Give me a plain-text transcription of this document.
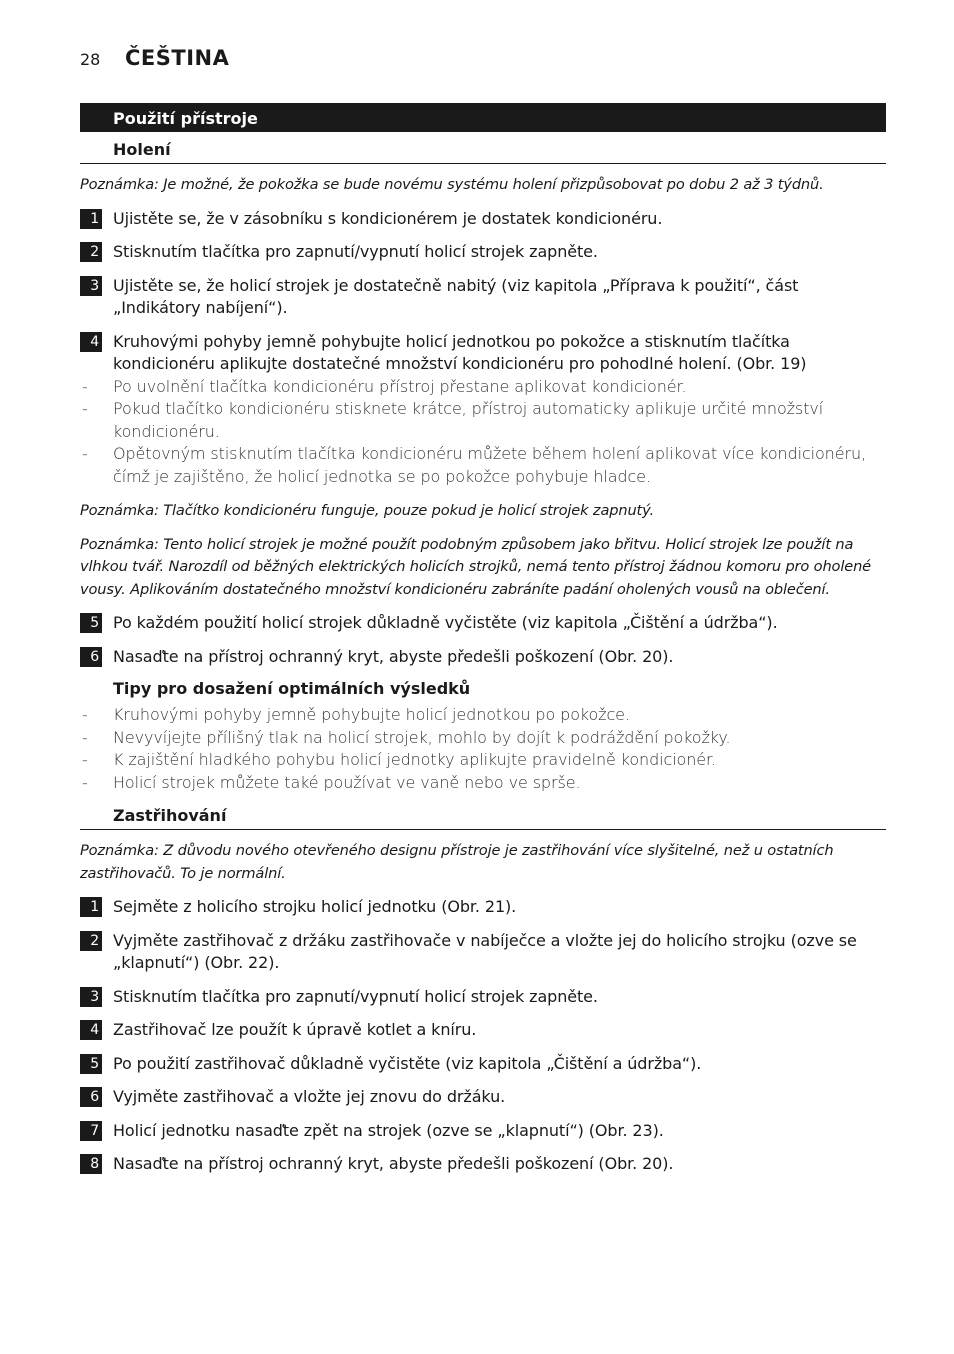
28 ČEŠTINA
Použití přístroje
Holení
Poznámka: Je možné, že pokožka se bude novému systému holení přizpůsobovat po dobu 2 až 3 týdnů.
1 Ujistěte se, že v zásobníku s kondicionérem je dostatek kondicionéru.
2 Stisknutím tlačítka pro zapnutí/vypnutí holicí strojek zapněte.
3 Ujistěte se, že holicí strojek je dostatečně nabitý (viz kapitola „Příprava k použití“, část „Indikátory nabíjení“).
4 Kruhovými pohyby jemně pohybujte holicí jednotkou po pokožce a stisknutím tlačítka kondicionéru aplikujte dostatečné množství kondicionéru pro pohodlné holení. (Obr. 19)
- Po uvolnění tlačítka kondicionéru přístroj přestane aplikovat kondicionér.
- Pokud tlačítko kondicionéru stisknete krátce, přístroj automaticky aplikuje určité množství kondicionéru.
- Opětovným stisknutím tlačítka kondicionéru můžete během holení aplikovat více kondicionéru, čímž je zajištěno, že holicí jednotka se po pokožce pohybuje hladce.
Poznámka: Tlačítko kondicionéru funguje, pouze pokud je holicí strojek zapnutý.
Poznámka: Tento holicí strojek je možné použít podobným způsobem jako břitvu. Holicí strojek lze použít na vlhkou tvář. Narozdíl od běžných elektrických holicích strojků, nemá tento přístroj žádnou komoru pro oholené vousy. Aplikováním dostatečného množství kondicionéru zabráníte padání oholených vousů na oblečení.
5 Po každém použití holicí strojek důkladně vyčistěte (viz kapitola „Čištění a údržba“).
6 Nasaďte na přístroj ochranný kryt, abyste předešli poškození (Obr. 20).
Tipy pro dosažení optimálních výsledků
- Kruhovými pohyby jemně pohybujte holicí jednotkou po pokožce.
- Nevyvíjejte přílišný tlak na holicí strojek, mohlo by dojít k podráždění pokožky.
- K zajištění hladkého pohybu holicí jednotky aplikujte pravidelně kondicionér.
- Holicí strojek můžete také používat ve vaně nebo ve sprše.
Zastřihování
Poznámka: Z důvodu nového otevřeného designu přístroje je zastřihování více slyšitelné, než u ostatních zastřihovačů. To je normální.
1 Sejměte z holicího strojku holicí jednotku (Obr. 21).
2 Vyjměte zastřihovač z držáku zastřihovače v nabíječce a vložte jej do holicího strojku (ozve se „klapnutí“) (Obr. 22).
3 Stisknutím tlačítka pro zapnutí/vypnutí holicí strojek zapněte.
4 Zastřihovač lze použít k úpravě kotlet a kníru.
5 Po použití zastřihovač důkladně vyčistěte (viz kapitola „Čištění a údržba“).
6 Vyjměte zastřihovač a vložte jej znovu do držáku.
7 Holicí jednotku nasaďte zpět na strojek (ozve se „klapnutí“) (Obr. 23).
8 Nasaďte na přístroj ochranný kryt, abyste předešli poškození (Obr. 20).
